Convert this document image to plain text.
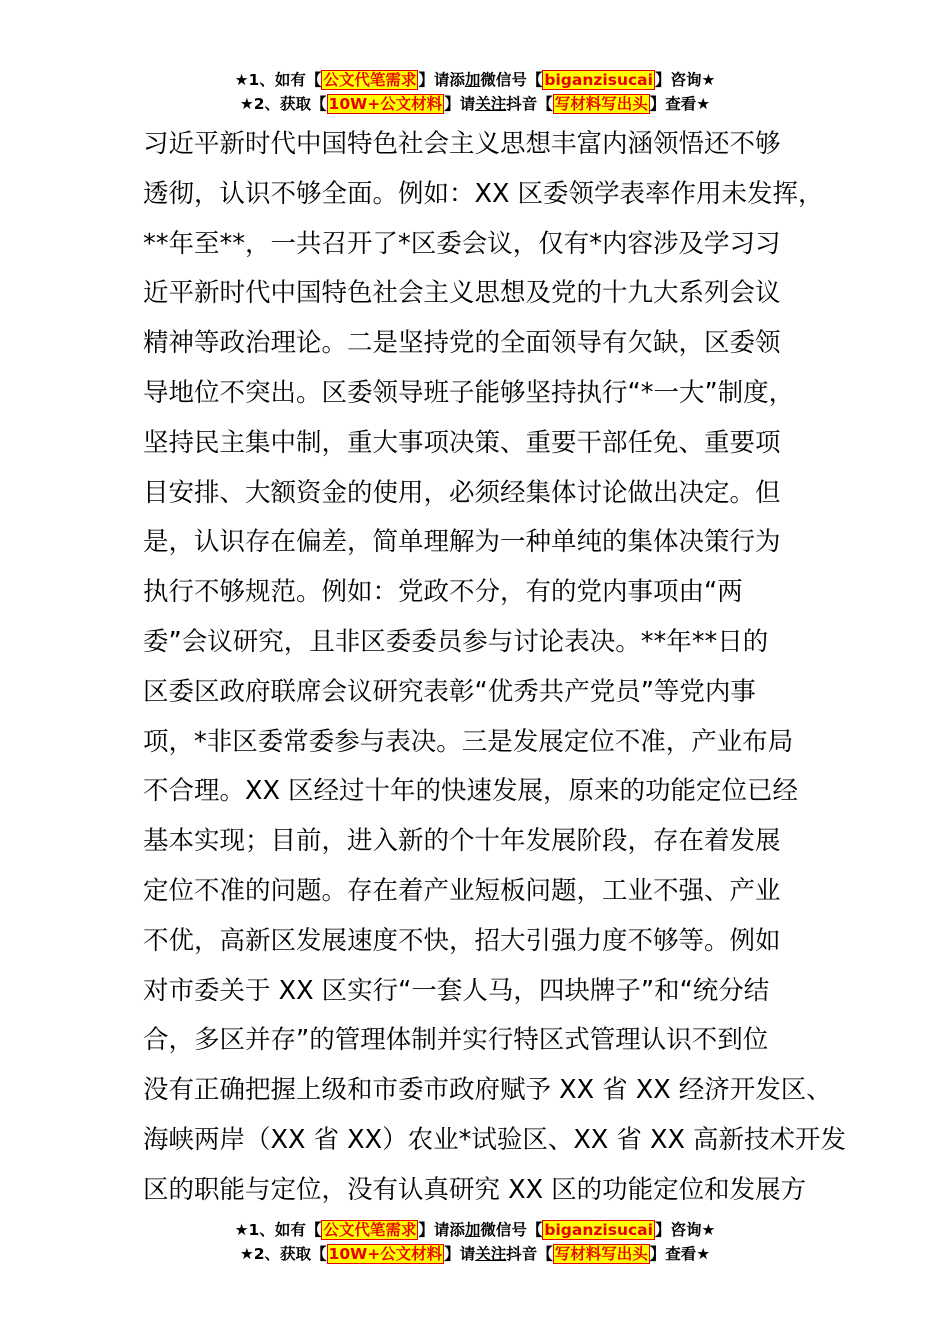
★1、如有【 公文代笔需求 】请添加微信号【 biganzisucai 】咨询★
★2、获取【 10W+公文材料 】请关注抖音【 写材料写出头 】查看★
习近平新时代中国特色社会主义思想丰富内涵领悟还不够
透彻，认识不够全面。例如：XX 区委领学表率作用未发挥，
**年至**，一共召开了*区委会议，仅有*内容涉及学习习
近平新时代中国特色社会主义思想及党的十九大系列会议
精神等政治理论。二是坚持党的全面领导有欠缺，区委领
导地位不突出。区委领导班子能够坚持执行“*一大”制度，
坚持民主集中制，重大事项决策、重要干部任免、重要项
目安排、大额资金的使用，必须经集体讨论做出决定。但
是，认识存在偏差，简单理解为一种单纯的集体决策行为
执行不够规范。例如：党政不分，有的党内事项由“两
委”会议研究，且非区委委员参与讨论表决。**年**日的
区委区政府联席会议研究表彰“优秀共产党员”等党内事
项，*非区委常委参与表决。三是发展定位不准，产业布局
不合理。XX 区经过十年的快速发展，原来的功能定位已经
基本实现；目前，进入新的个十年发展阶段，存在着发展
定位不准的问题。存在着产业短板问题，工业不强、产业
不优，高新区发展速度不快，招大引强力度不够等。例如
对市委关于 XX 区实行“一套人马，四块牌子”和“统分结
合，多区并存”的管理体制并实行特区式管理认识不到位
没有正确把握上级和市委市政府赋予 XX 省 XX 经济开发区、
海峡两岸（XX 省 XX）农业*试验区、XX 省 XX 高新技术开发
区的职能与定位，没有认真研究 XX 区的功能定位和发展方
★1、如有【 公文代笔需求 】请添加微信号【 biganzisucai 】咨询★
★2、获取【 10W+公文材料 】请关注抖音【 写材料写出头 】查看★
